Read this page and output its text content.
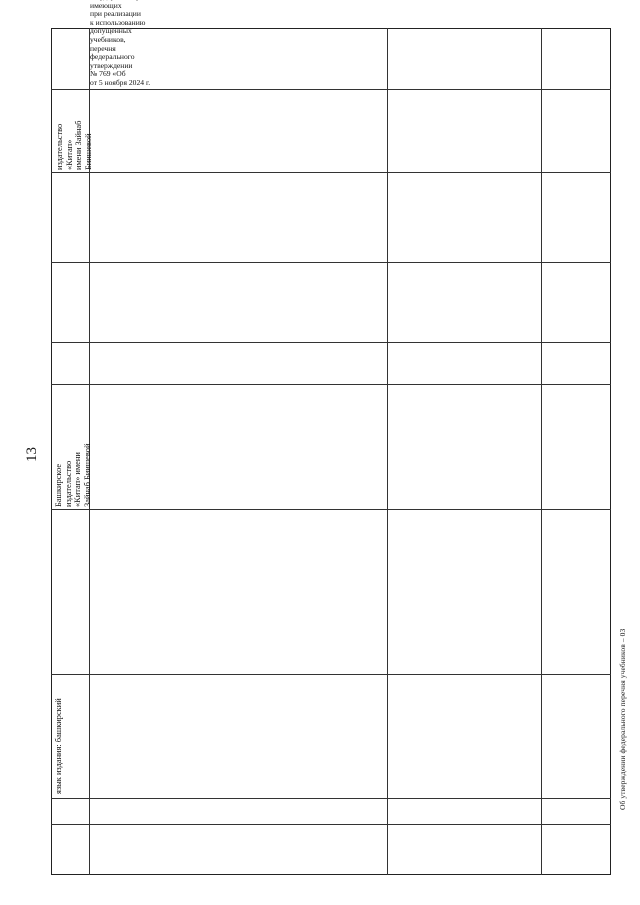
13
язык издания: башкирский
Башкирское
издательство
«Китап» имени
Зайнаб Биишевой
издательство «Китап»
имени Зайнаб
Биишевой
от 5 ноября 2024 г.
№ 769 «Об
утверждении
федерального
перечня
учебников,
допущенных
к использованию
при реализации
имеющих
Об утверждении федерального перечня учебников – 03
